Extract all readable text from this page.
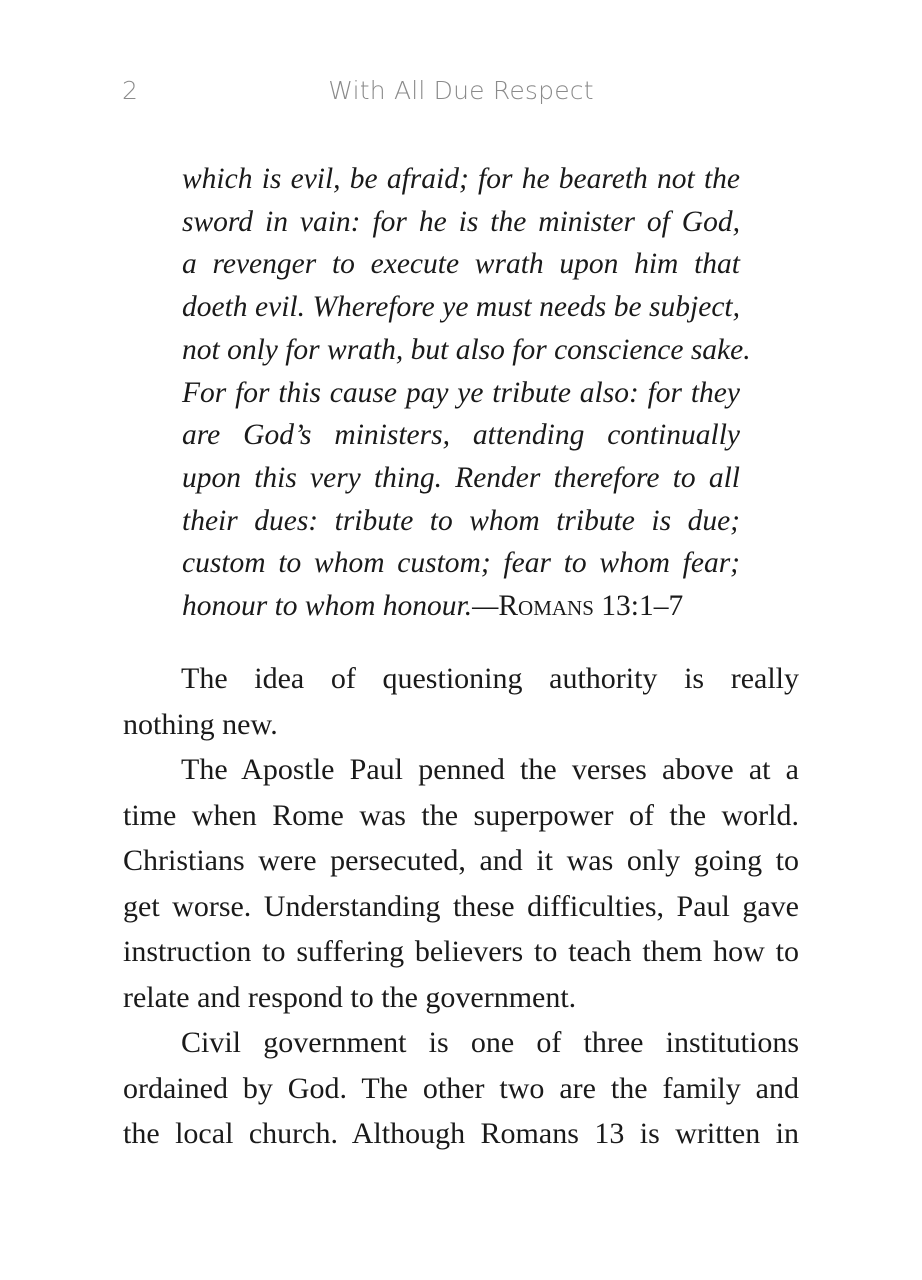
2	With All Due Respect
which is evil, be afraid; for he beareth not the
sword in vain: for he is the minister of God,
a revenger to execute wrath upon him that
doeth evil. Wherefore ye must needs be subject,
not only for wrath, but also for conscience sake.
For for this cause pay ye tribute also: for they
are God’s ministers, attending continually
upon this very thing. Render therefore to all
their dues: tribute to whom tribute is due;
custom to whom custom; fear to whom fear;
honour to whom honour.—Romans 13:1–7
The idea of questioning authority is really
nothing new.
The Apostle Paul penned the verses above at a
time when Rome was the superpower of the world.
Christians were persecuted, and it was only going to
get worse. Understanding these difficulties, Paul gave
instruction to suffering believers to teach them how to
relate and respond to the government.
Civil government is one of three institutions
ordained by God. The other two are the family and
the local church. Although Romans 13 is written in
